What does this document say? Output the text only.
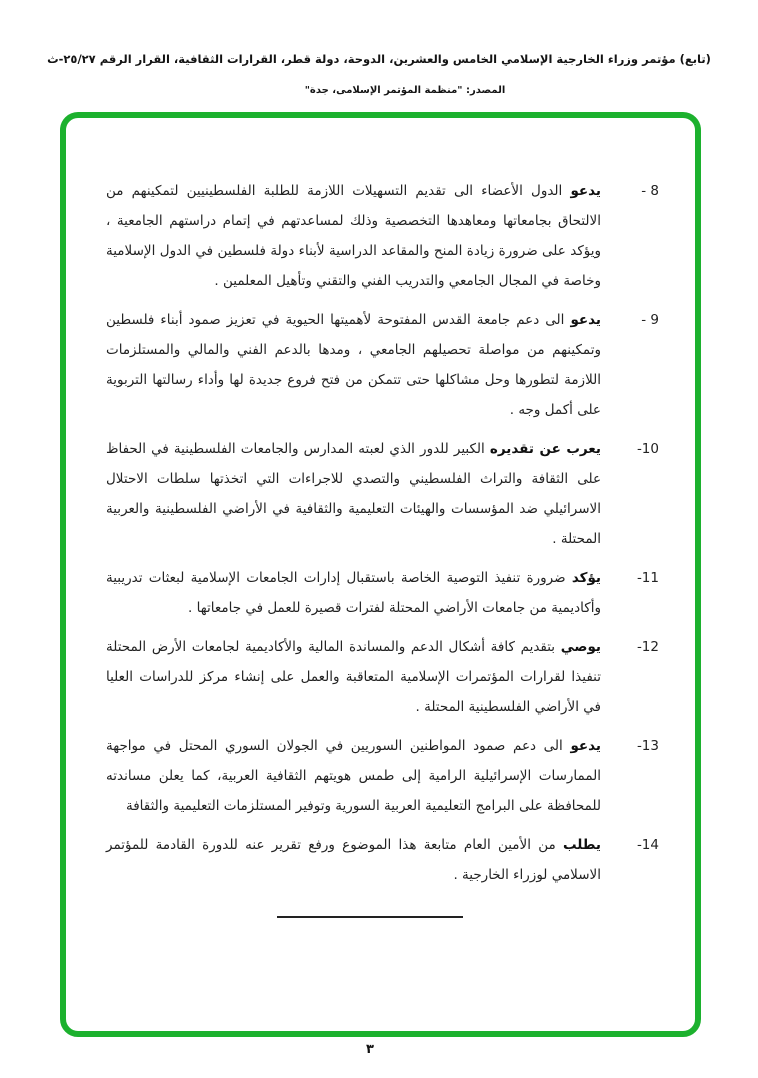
(تابع) مؤتمر وزراء الخارجية الإسلامي الخامس والعشرين، الدوحة، دولة قطر، القرارات الثقافية، القرار الرقم ٢٥/٢٧-ث
المصدر: "منظمة المؤتمر الإسلامى، جدة"
- 8
يدعو الدول الأعضاء الى تقديم التسهيلات اللازمة للطلبة الفلسطينيين لتمكينهم من الالتحاق بجامعاتها ومعاهدها التخصصية وذلك لمساعدتهم في إتمام دراستهم الجامعية ، ويؤكد على ضرورة زيادة المنح والمقاعد الدراسية لأبناء دولة فلسطين في الدول الإسلامية وخاصة في المجال الجامعي والتدريب الفني والتقني وتأهيل المعلمين .
- 9
يدعو الى دعم جامعة القدس المفتوحة لأهميتها الحيوية في تعزيز صمود أبناء فلسطين وتمكينهم من مواصلة تحصيلهم الجامعي ، ومدها بالدعم الفني والمالي والمستلزمات اللازمة لتطورها وحل مشاكلها حتى تتمكن من فتح فروع جديدة لها وأداء رسالتها التربوية على أكمل وجه .
-10
يعرب عن تقديره الكبير للدور الذي لعبته المدارس والجامعات الفلسطينية في الحفاظ على الثقافة والتراث الفلسطيني والتصدي للاجراءات التي اتخذتها سلطات الاحتلال الاسرائيلي ضد المؤسسات والهيئات التعليمية والثقافية في الأراضي الفلسطينية والعربية المحتلة .
-11
يؤكد ضرورة تنفيذ التوصية الخاصة باستقبال إدارات الجامعات الإسلامية لبعثات تدريبية وأكاديمية من جامعات الأراضي المحتلة لفترات قصيرة للعمل في جامعاتها .
-12
يوصي بتقديم كافة أشكال الدعم والمساندة المالية والأكاديمية لجامعات الأرض المحتلة تنفيذا لقرارات المؤتمرات الإسلامية المتعاقبة والعمل على إنشاء مركز للدراسات العليا في الأراضي الفلسطينية المحتلة .
-13
يدعو الى دعم صمود المواطنين السوريين في الجولان السوري المحتل في مواجهة الممارسات الإسرائيلية الرامية إلى طمس هويتهم الثقافية العربية، كما يعلن مساندته للمحافظة على البرامج التعليمية العربية السورية وتوفير المستلزمات التعليمية والثقافة
-14
يطلب من الأمين العام متابعة هذا الموضوع ورفع تقرير عنه للدورة القادمة للمؤتمر الاسلامي لوزراء الخارجية .
٣
